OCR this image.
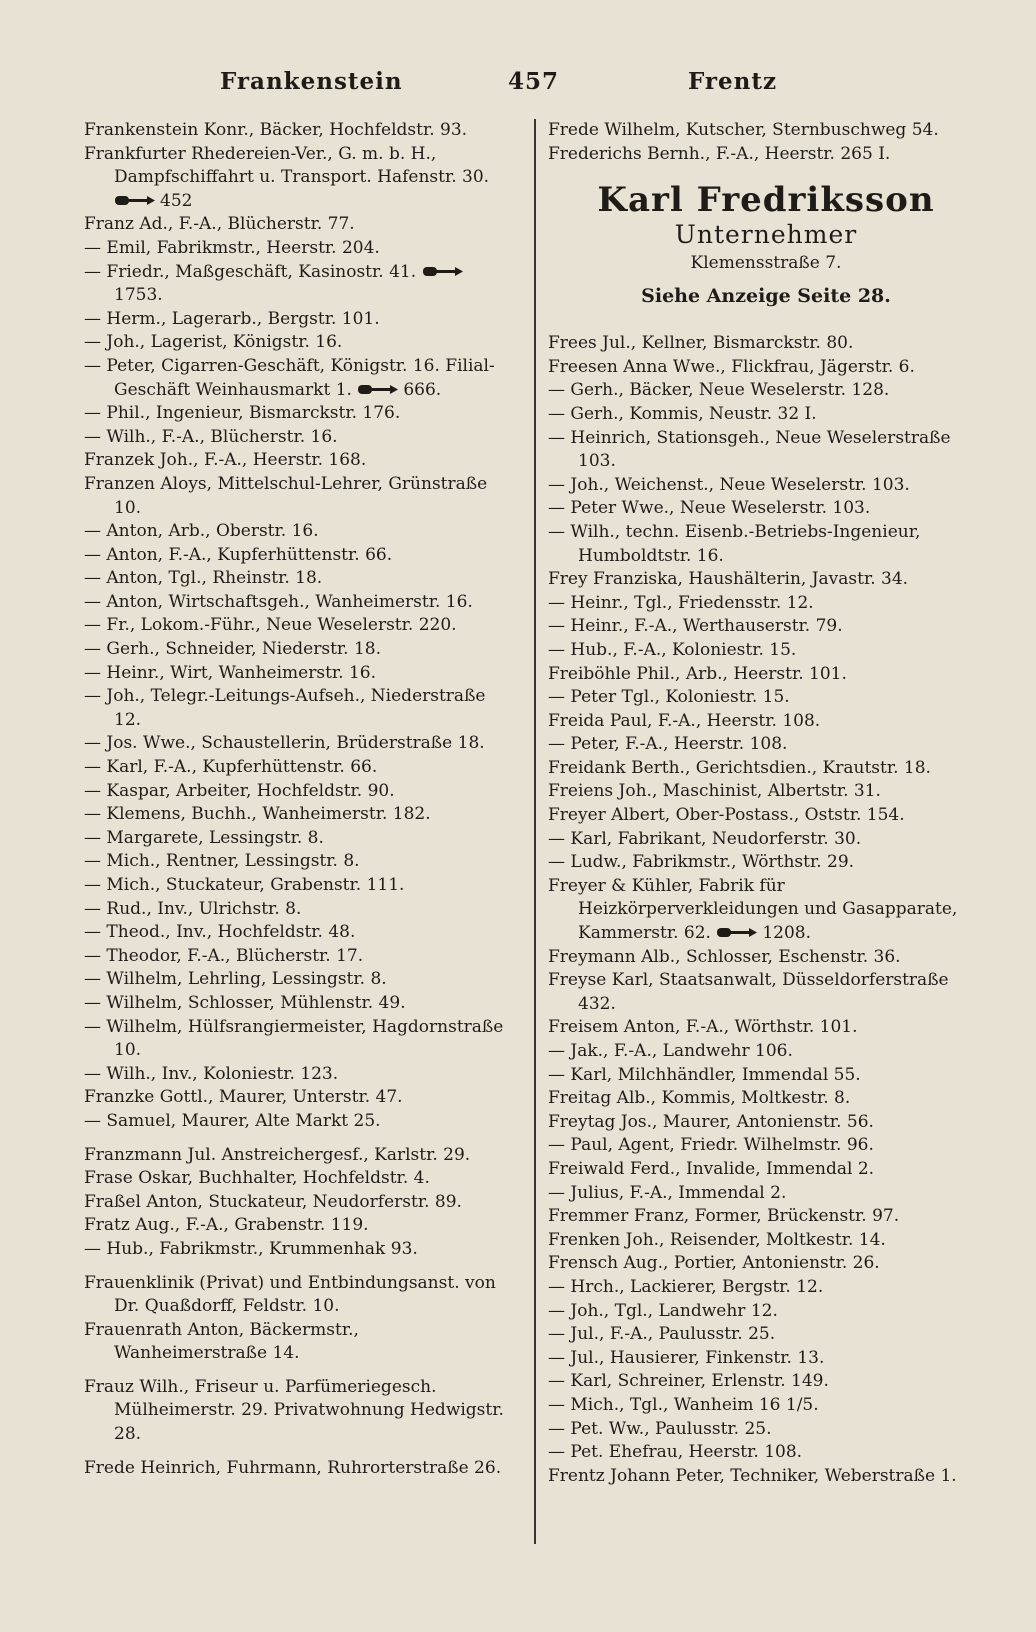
Frankenstein	457	Frentz

Frankenstein Konr., Bäcker, Hochfeldstr. 93.

Frankfurter Rhedereien-Ver., G. m. b. H., Dampfschiffahrt u. Transport. Hafenstr. 30. 452

Franz Ad., F.-A., Blücherstr. 77.

— Emil, Fabrikmstr., Heerstr. 204.

— Friedr., Maßgeschäft, Kasinostr. 41. 1753.

— Herm., Lagerarb., Bergstr. 101.

— Joh., Lagerist, Königstr. 16.

— Peter, Cigarren-Geschäft, Königstr. 16. Filial-Geschäft Weinhausmarkt 1.	666.

— Phil., Ingenieur, Bismarckstr. 176.

— Wilh., F.-A., Blücherstr. 16.

Franzek Joh., F.-A., Heerstr. 168.

Franzen Aloys, Mittelschul-Lehrer, Grünstraße 10.

— Anton, Arb., Oberstr. 16.

— Anton, F.-A., Kupferhüttenstr. 66.

— Anton, Tgl., Rheinstr. 18.

— Anton, Wirtschaftsgeh., Wanheimerstr. 16.

— Fr., Lokom.-Führ., Neue Weselerstr. 220.

— Gerh., Schneider, Niederstr. 18.

— Heinr., Wirt, Wanheimerstr. 16.

— Joh., Telegr.-Leitungs-Aufseh., Niederstraße 12.

— Jos. Wwe., Schaustellerin, Brüderstraße 18.

— Karl, F.-A., Kupferhüttenstr. 66.

— Kaspar, Arbeiter, Hochfeldstr. 90.

— Klemens, Buchh., Wanheimerstr. 182.

— Margarete, Lessingstr. 8.

— Mich., Rentner, Lessingstr. 8.

— Mich., Stuckateur, Grabenstr. 111.

— Rud., Inv., Ulrichstr. 8.

— Theod., Inv., Hochfeldstr. 48.

— Theodor, F.-A., Blücherstr. 17.

— Wilhelm, Lehrling, Lessingstr. 8.

— Wilhelm, Schlosser, Mühlenstr. 49.

— Wilhelm, Hülfsrangiermeister, Hagdornstraße 10.

— Wilh., Inv., Koloniestr. 123.

Franzke Gottl., Maurer, Unterstr. 47.

— Samuel, Maurer, Alte Markt 25.

Franzmann Jul. Anstreichergesf., Karlstr. 29.

Frase Oskar, Buchhalter, Hochfeldstr. 4.

Fraßel Anton, Stuckateur, Neudorferstr. 89.

Fratz Aug., F.-A., Grabenstr. 119.

— Hub., Fabrikmstr., Krummenhak 93.

Frauenklinik (Privat) und Entbindungsanst. von Dr. Quaßdorff, Feldstr. 10.

Frauenrath Anton, Bäckermstr., Wanheimerstraße 14.

Frauz Wilh., Friseur u. Parfümeriegesch. Mülheimerstr. 29. Privatwohnung Hedwigstr. 28.

Frede Heinrich, Fuhrmann, Ruhrorterstraße 26.

Frede Wilhelm, Kutscher, Sternbuschweg 54.

Frederichs Bernh., F.-A., Heerstr. 265 I.

Karl Fredriksson
Unternehmer
Klemensstraße 7.
Siehe Anzeige Seite 28.

Frees Jul., Kellner, Bismarckstr. 80.

Freesen Anna Wwe., Flickfrau, Jägerstr. 6.

— Gerh., Bäcker, Neue Weselerstr. 128.

— Gerh., Kommis, Neustr. 32 I.

— Heinrich, Stationsgeh., Neue Weselerstraße 103.

— Joh., Weichenst., Neue Weselerstr. 103.

— Peter Wwe., Neue Weselerstr. 103.

— Wilh., techn. Eisenb.-Betriebs-Ingenieur, Humboldtstr. 16.

Frey Franziska, Haushälterin, Javastr. 34.

— Heinr., Tgl., Friedensstr. 12.

— Heinr., F.-A., Werthauserstr. 79.

— Hub., F.-A., Koloniestr. 15.

Freiböhle Phil., Arb., Heerstr. 101.

— Peter Tgl., Koloniestr. 15.

Freida Paul, F.-A., Heerstr. 108.

— Peter, F.-A., Heerstr. 108.

Freidank Berth., Gerichtsdien., Krautstr. 18.

Freiens Joh., Maschinist, Albertstr. 31.

Freyer Albert, Ober-Postass., Oststr. 154.

— Karl, Fabrikant, Neudorferstr. 30.

— Ludw., Fabrikmstr., Wörthstr. 29.

Freyer & Kühler, Fabrik für Heizkörperverkleidungen und Gasapparate, Kammerstr. 62.	1208.

Freymann Alb., Schlosser, Eschenstr. 36.

Freyse Karl, Staatsanwalt, Düsseldorferstraße 432.

Freisem Anton, F.-A., Wörthstr. 101.

— Jak., F.-A., Landwehr 106.

— Karl, Milchhändler, Immendal 55.

Freitag Alb., Kommis, Moltkestr. 8.

Freytag Jos., Maurer, Antonienstr. 56.

— Paul, Agent, Friedr. Wilhelmstr. 96.

Freiwald Ferd., Invalide, Immendal 2.

— Julius, F.-A., Immendal 2.

Fremmer Franz, Former, Brückenstr. 97.

Frenken Joh., Reisender, Moltkestr. 14.

Frensch Aug., Portier, Antonienstr. 26.

— Hrch., Lackierer, Bergstr. 12.

— Joh., Tgl., Landwehr 12.

— Jul., F.-A., Paulusstr. 25.

— Jul., Hausierer, Finkenstr. 13.

— Karl, Schreiner, Erlenstr. 149.

— Mich., Tgl., Wanheim 16 1/5.

— Pet. Ww., Paulusstr. 25.

— Pet. Ehefrau, Heerstr. 108.

Frentz Johann Peter, Techniker, Weberstraße 1.
